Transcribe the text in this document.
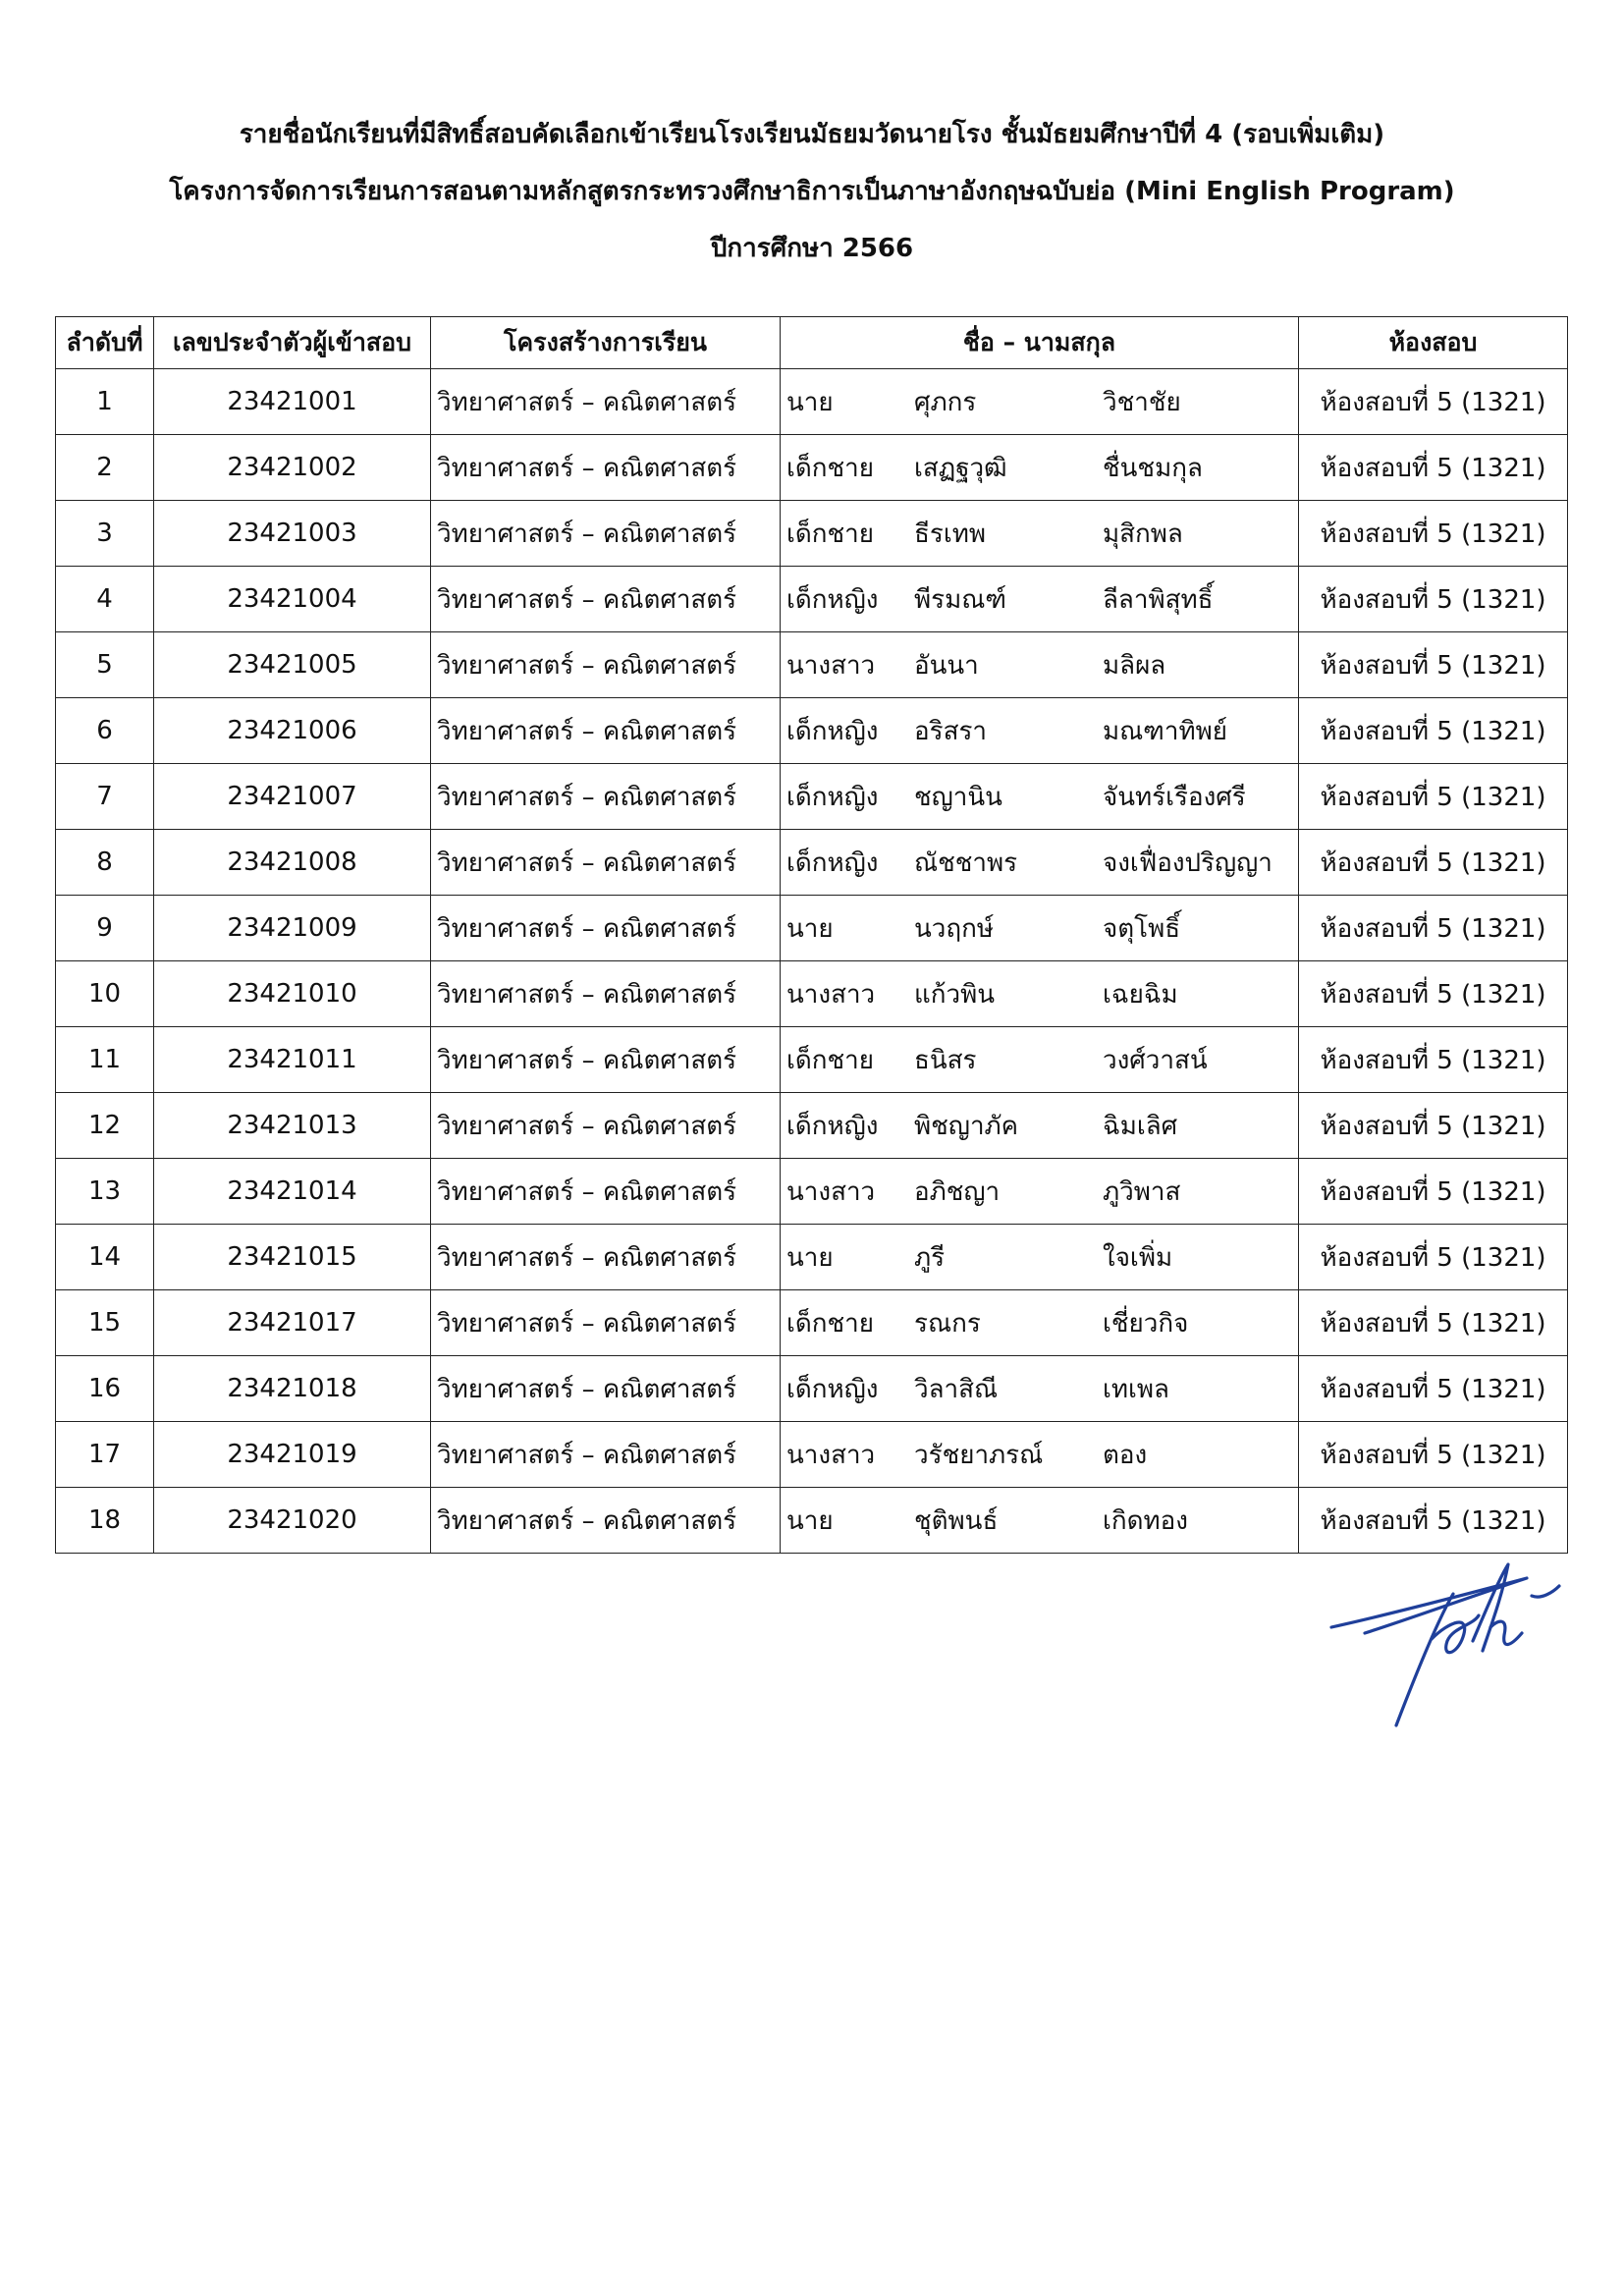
รายชื่อนักเรียนที่มีสิทธิ์สอบคัดเลือกเข้าเรียนโรงเรียนมัธยมวัดนายโรง ชั้นมัธยมศึกษาปีที่ 4 (รอบเพิ่มเติม)
โครงการจัดการเรียนการสอนตามหลักสูตรกระทรวงศึกษาธิการเป็นภาษาอังกฤษฉบับย่อ (Mini English Program)
ปีการศึกษา 2566
ลำดับที่	เลขประจำตัวผู้เข้าสอบ	โครงสร้างการเรียน	ชื่อ – นามสกุล	ห้องสอบ
1	23421001	วิทยาศาสตร์ – คณิตศาสตร์	นาย ศุภกร วิชาชัย	ห้องสอบที่ 5 (1321)
2	23421002	วิทยาศาสตร์ – คณิตศาสตร์	เด็กชาย เสฏฐวุฒิ ชื่นชมกุล	ห้องสอบที่ 5 (1321)
3	23421003	วิทยาศาสตร์ – คณิตศาสตร์	เด็กชาย ธีรเทพ มุสิกพล	ห้องสอบที่ 5 (1321)
4	23421004	วิทยาศาสตร์ – คณิตศาสตร์	เด็กหญิง พีรมณฑ์ ลีลาพิสุทธิ์	ห้องสอบที่ 5 (1321)
5	23421005	วิทยาศาสตร์ – คณิตศาสตร์	นางสาว อันนา มลิผล	ห้องสอบที่ 5 (1321)
6	23421006	วิทยาศาสตร์ – คณิตศาสตร์	เด็กหญิง อริสรา มณฑาทิพย์	ห้องสอบที่ 5 (1321)
7	23421007	วิทยาศาสตร์ – คณิตศาสตร์	เด็กหญิง ชญานิน จันทร์เรืองศรี	ห้องสอบที่ 5 (1321)
8	23421008	วิทยาศาสตร์ – คณิตศาสตร์	เด็กหญิง ณัชชาพร จงเฟื่องปริญญา	ห้องสอบที่ 5 (1321)
9	23421009	วิทยาศาสตร์ – คณิตศาสตร์	นาย นวฤกษ์ จตุโพธิ์	ห้องสอบที่ 5 (1321)
10	23421010	วิทยาศาสตร์ – คณิตศาสตร์	นางสาว แก้วพิน เฉยฉิม	ห้องสอบที่ 5 (1321)
11	23421011	วิทยาศาสตร์ – คณิตศาสตร์	เด็กชาย ธนิสร วงศ์วาสน์	ห้องสอบที่ 5 (1321)
12	23421013	วิทยาศาสตร์ – คณิตศาสตร์	เด็กหญิง พิชญาภัค ฉิมเลิศ	ห้องสอบที่ 5 (1321)
13	23421014	วิทยาศาสตร์ – คณิตศาสตร์	นางสาว อภิชญา ภูวิพาส	ห้องสอบที่ 5 (1321)
14	23421015	วิทยาศาสตร์ – คณิตศาสตร์	นาย ภูรี ใจเพิ่ม	ห้องสอบที่ 5 (1321)
15	23421017	วิทยาศาสตร์ – คณิตศาสตร์	เด็กชาย รณกร เชี่ยวกิจ	ห้องสอบที่ 5 (1321)
16	23421018	วิทยาศาสตร์ – คณิตศาสตร์	เด็กหญิง วิลาสิณี เทเพล	ห้องสอบที่ 5 (1321)
17	23421019	วิทยาศาสตร์ – คณิตศาสตร์	นางสาว วรัชยาภรณ์ ตอง	ห้องสอบที่ 5 (1321)
18	23421020	วิทยาศาสตร์ – คณิตศาสตร์	นาย ชุติพนธ์ เกิดทอง	ห้องสอบที่ 5 (1321)
